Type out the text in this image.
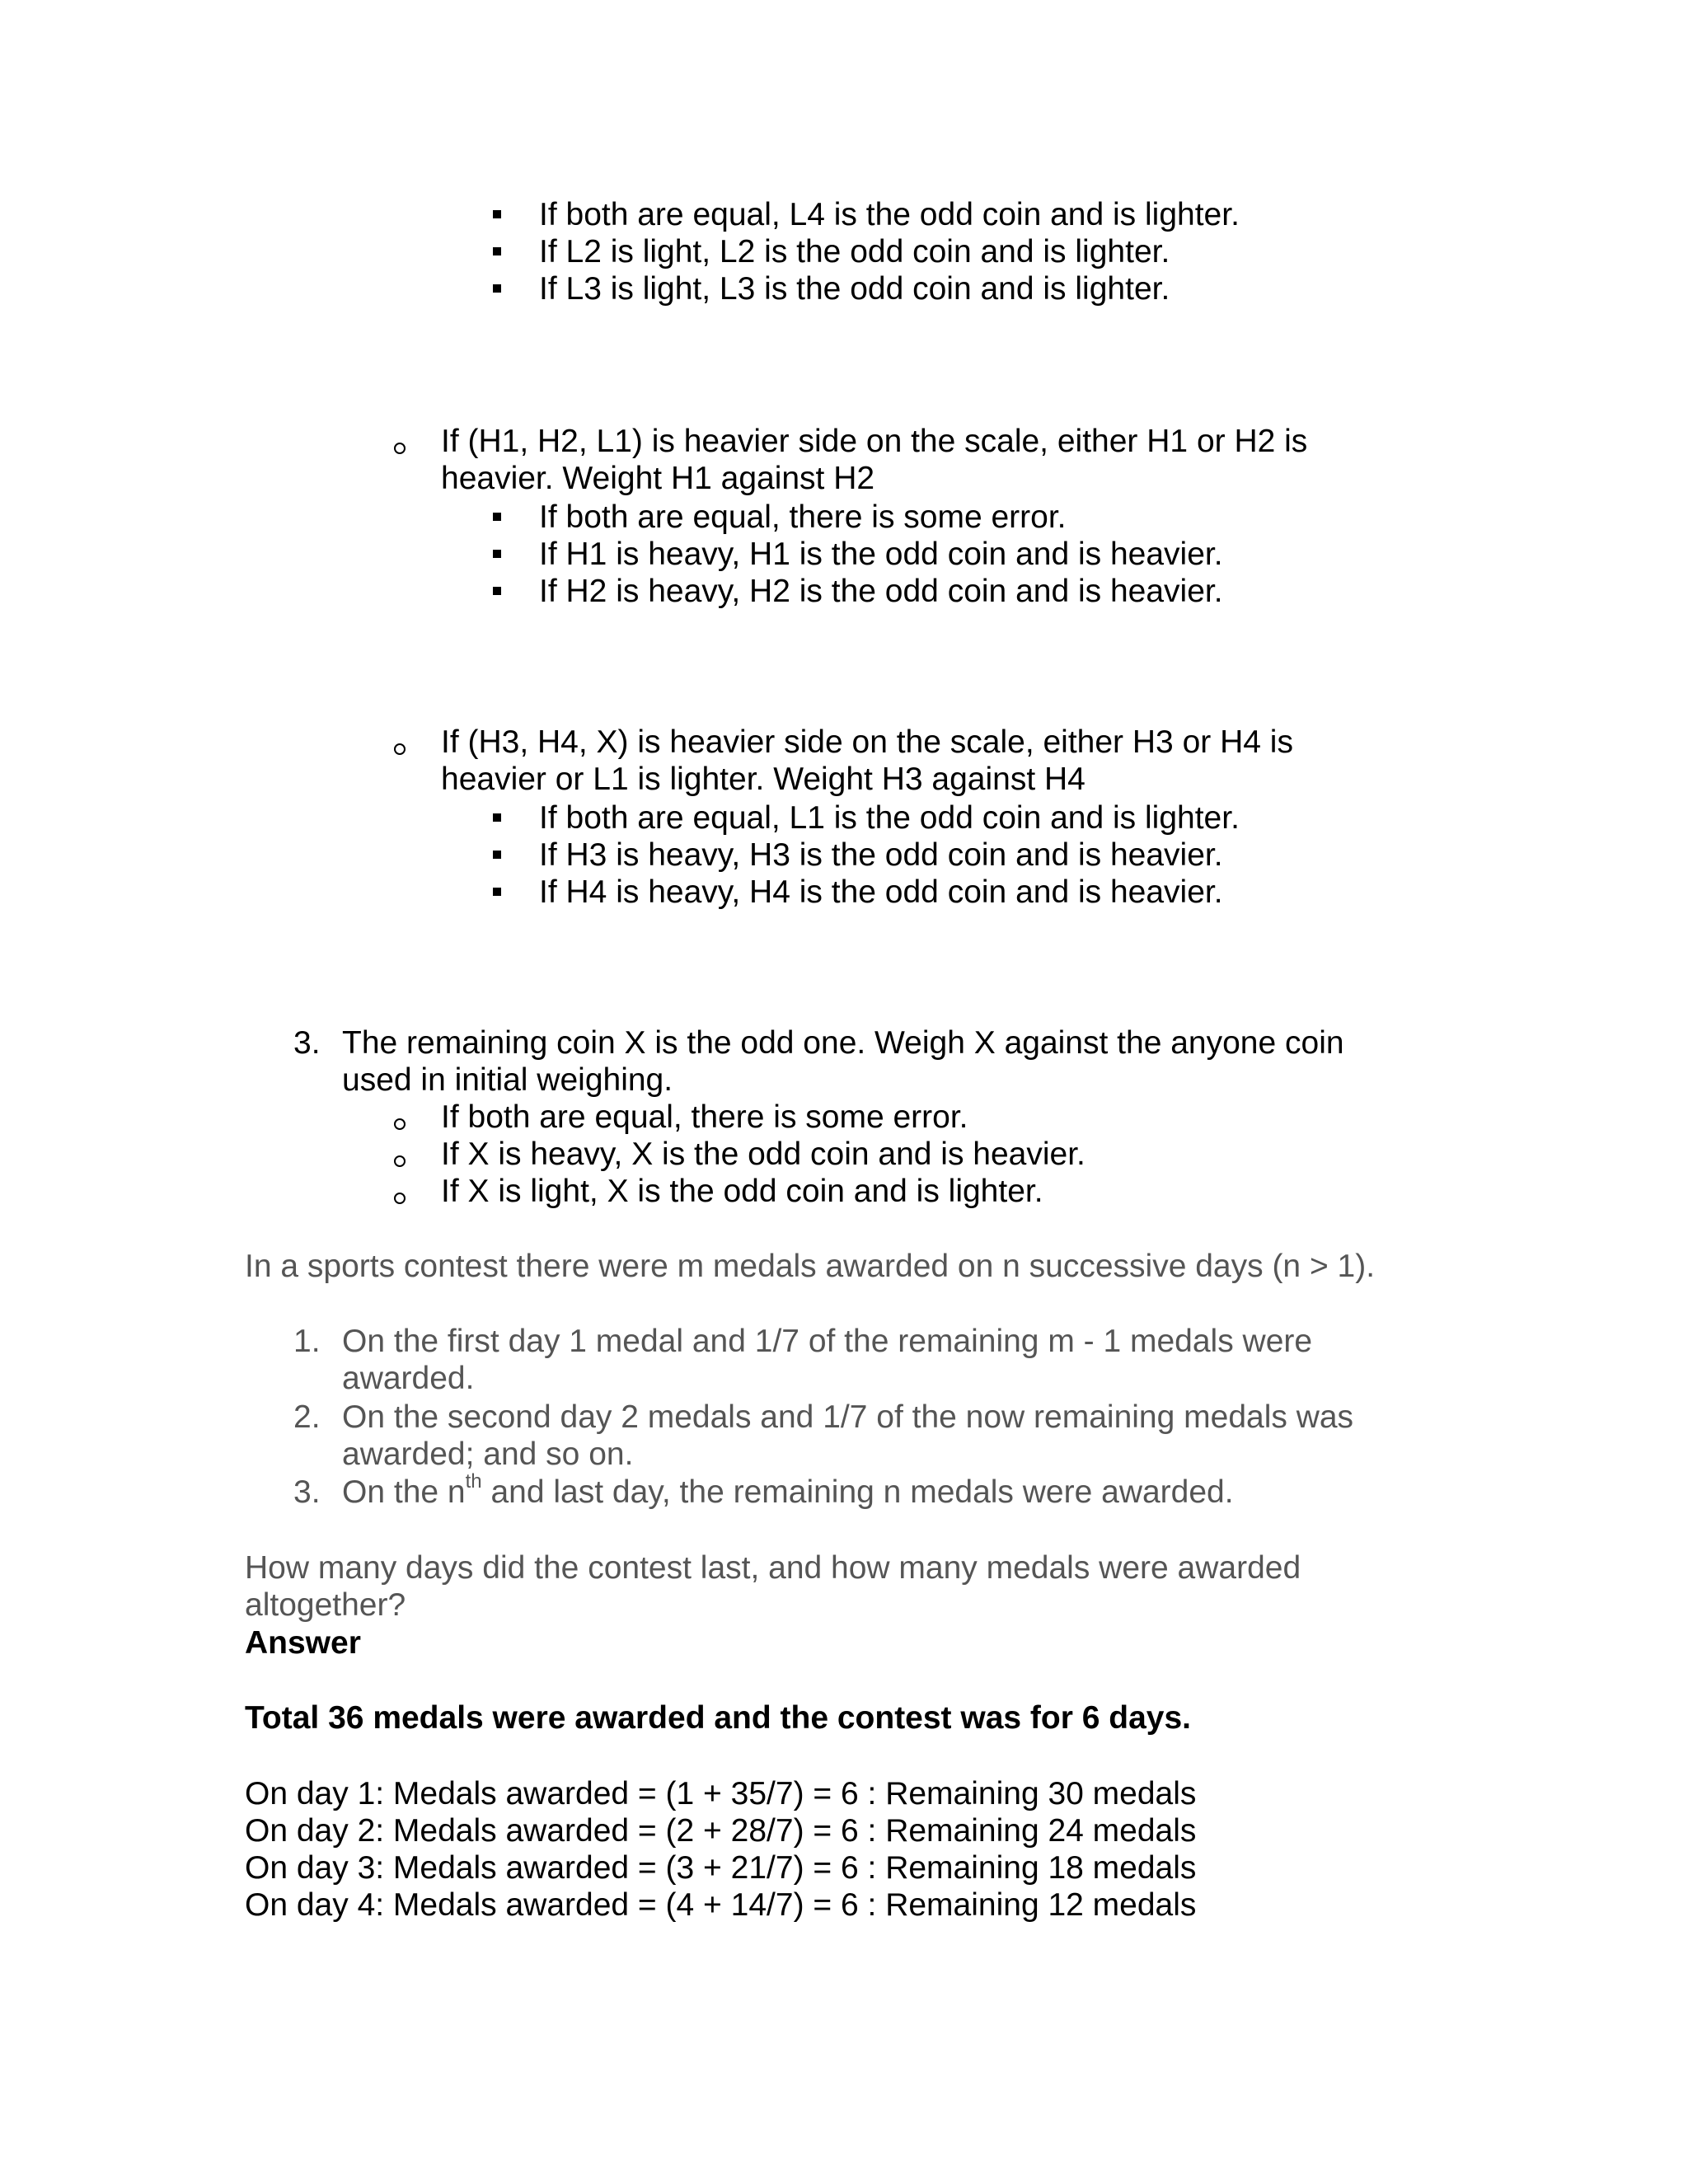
If both are equal, L4 is the odd coin and is lighter.
If L2 is light, L2 is the odd coin and is lighter.
If L3 is light, L3 is the odd coin and is lighter.
If (H1, H2, L1) is heavier side on the scale, either H1 or H2 is
heavier. Weight H1 against H2
If both are equal, there is some error.
If H1 is heavy, H1 is the odd coin and is heavier.
If H2 is heavy, H2 is the odd coin and is heavier.
If (H3, H4, X) is heavier side on the scale, either H3 or H4 is
heavier or L1 is lighter. Weight H3 against H4
If both are equal, L1 is the odd coin and is lighter.
If H3 is heavy, H3 is the odd coin and is heavier.
If H4 is heavy, H4 is the odd coin and is heavier.
3. The remaining coin X is the odd one. Weigh X against the anyone coin
used in initial weighing.
If both are equal, there is some error.
If X is heavy, X is the odd coin and is heavier.
If X is light, X is the odd coin and is lighter.
In a sports contest there were m medals awarded on n successive days (n > 1).
1. On the first day 1 medal and 1/7 of the remaining m - 1 medals were
awarded.
2. On the second day 2 medals and 1/7 of the now remaining medals was
awarded; and so on.
3. On the $n^{th}$ and last day, the remaining n medals were awarded.
How many days did the contest last, and how many medals were awarded
altogether?
Answer
Total 36 medals were awarded and the contest was for 6 days.
On day 1: Medals awarded = (1 + 35/7) = 6 : Remaining 30 medals
On day 2: Medals awarded = (2 + 28/7) = 6 : Remaining 24 medals
On day 3: Medals awarded = (3 + 21/7) = 6 : Remaining 18 medals
On day 4: Medals awarded = (4 + 14/7) = 6 : Remaining 12 medals
